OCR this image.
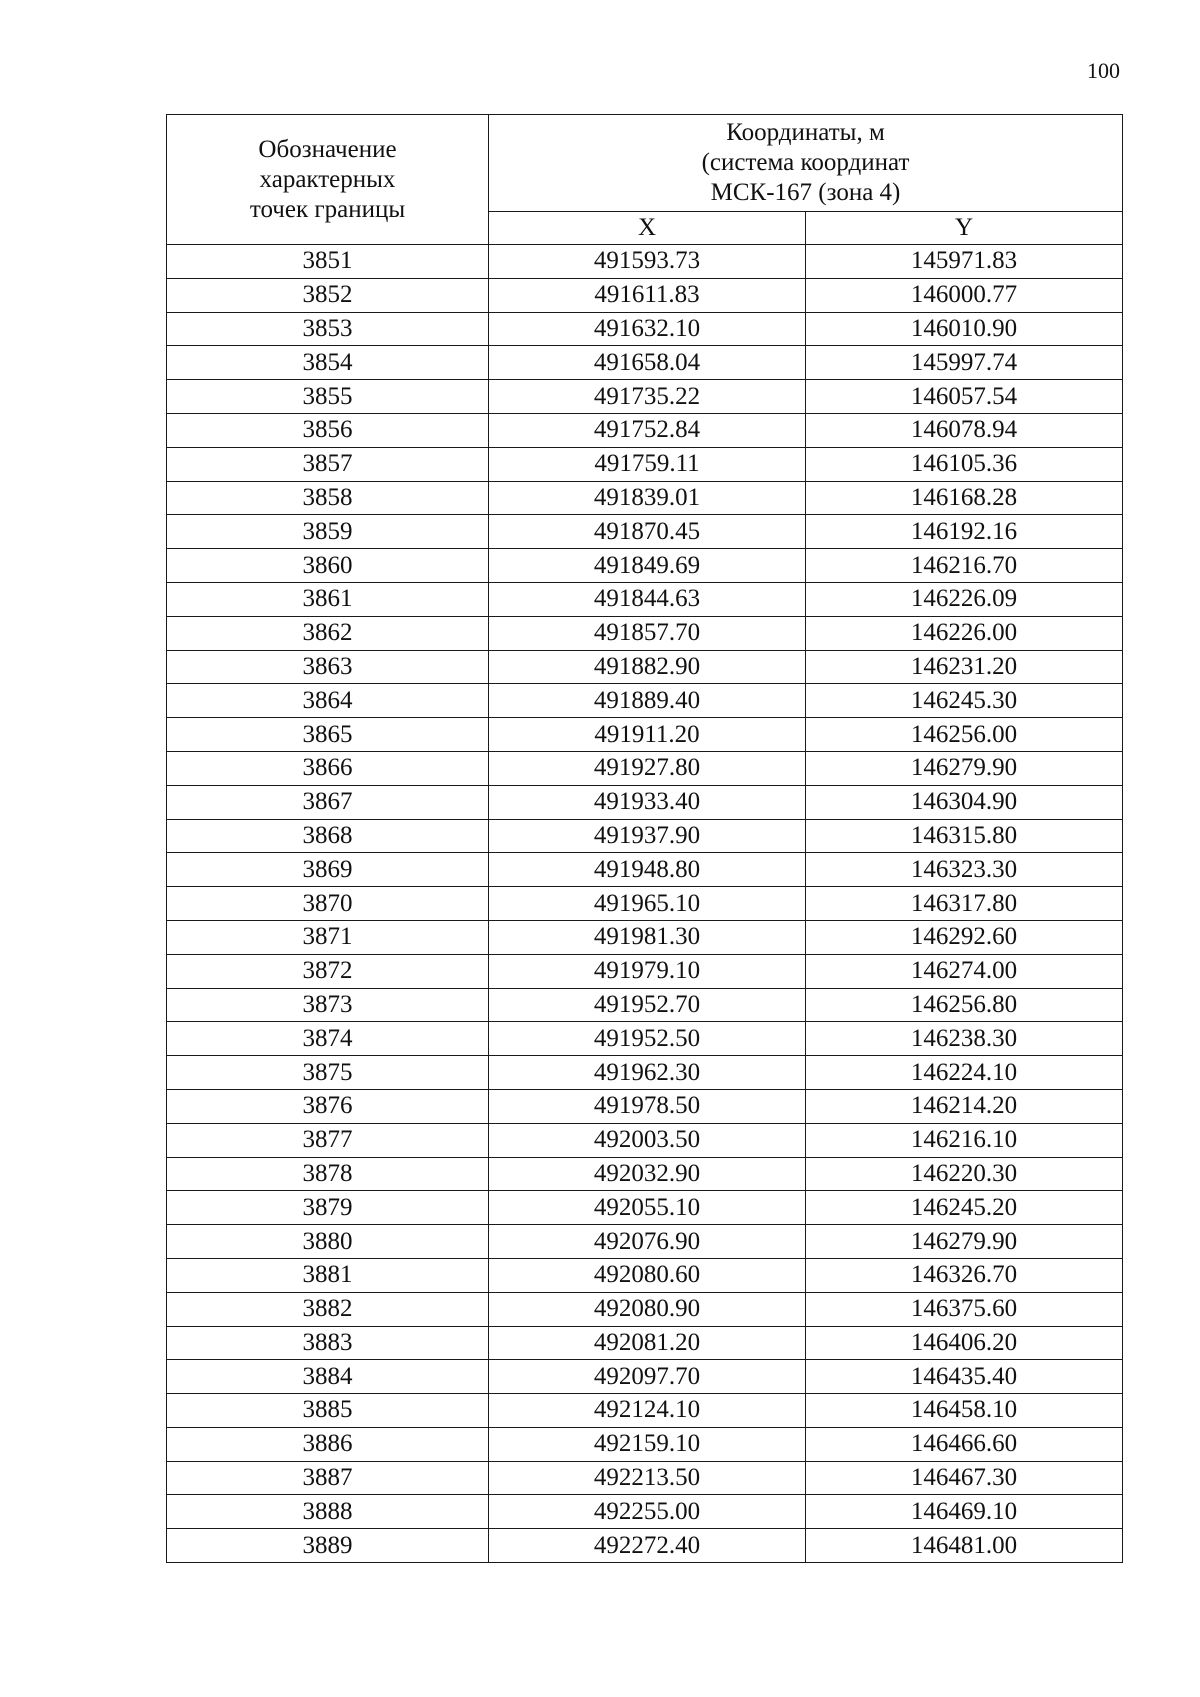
100
Обозначение
характерных
точек границы	Координаты, м
(система координат
МСК-167 (зона 4)	

	X	Y
3851	491593.73	145971.83
3852	491611.83	146000.77
3853	491632.10	146010.90
3854	491658.04	145997.74
3855	491735.22	146057.54
3856	491752.84	146078.94
3857	491759.11	146105.36
3858	491839.01	146168.28
3859	491870.45	146192.16
3860	491849.69	146216.70
3861	491844.63	146226.09
3862	491857.70	146226.00
3863	491882.90	146231.20
3864	491889.40	146245.30
3865	491911.20	146256.00
3866	491927.80	146279.90
3867	491933.40	146304.90
3868	491937.90	146315.80
3869	491948.80	146323.30
3870	491965.10	146317.80
3871	491981.30	146292.60
3872	491979.10	146274.00
3873	491952.70	146256.80
3874	491952.50	146238.30
3875	491962.30	146224.10
3876	491978.50	146214.20
3877	492003.50	146216.10
3878	492032.90	146220.30
3879	492055.10	146245.20
3880	492076.90	146279.90
3881	492080.60	146326.70
3882	492080.90	146375.60
3883	492081.20	146406.20
3884	492097.70	146435.40
3885	492124.10	146458.10
3886	492159.10	146466.60
3887	492213.50	146467.30
3888	492255.00	146469.10
3889	492272.40	146481.00
